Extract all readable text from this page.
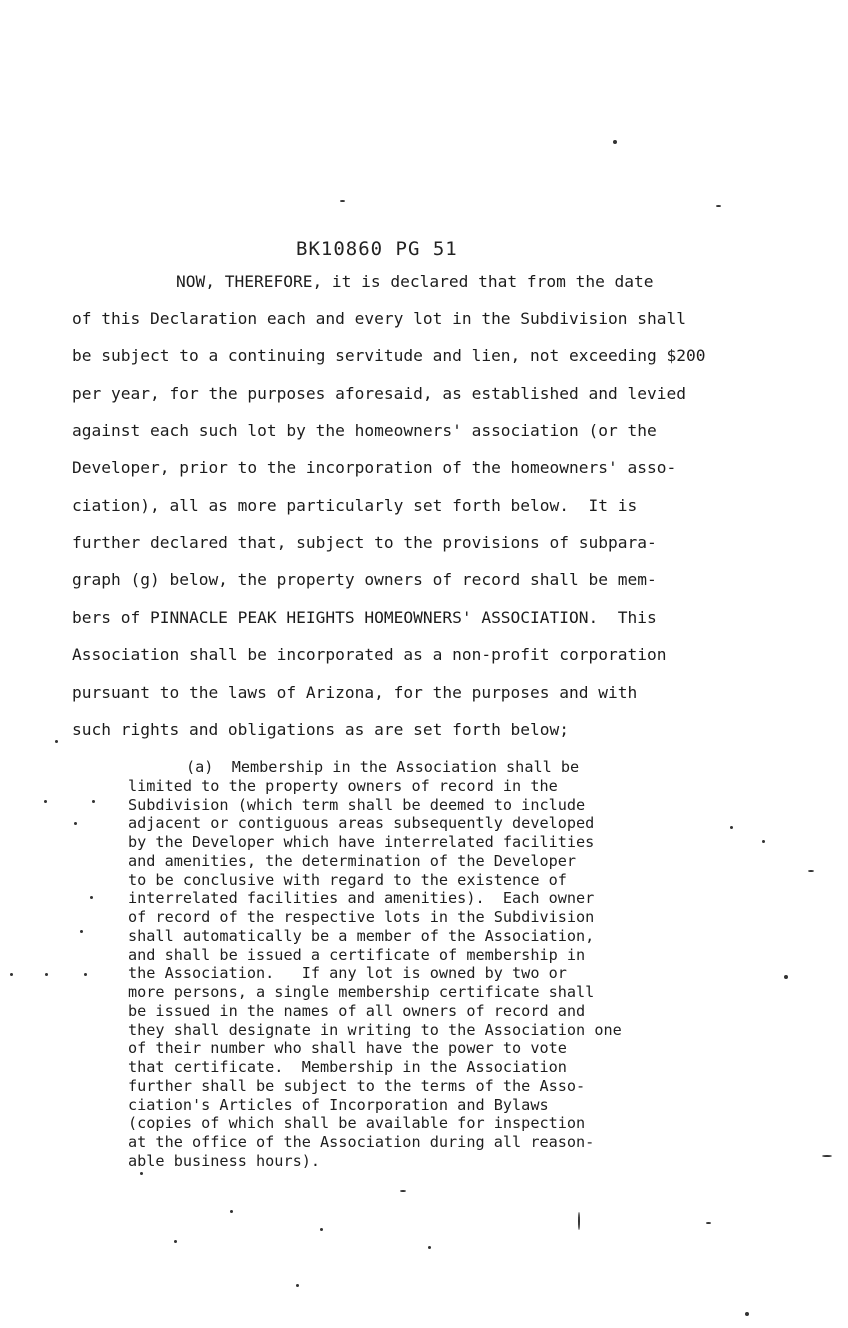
BK10860 PG 51
NOW, THEREFORE, it is declared that from the date
of this Declaration each and every lot in the Subdivision shall
be subject to a continuing servitude and lien, not exceeding $200
per year, for the purposes aforesaid, as established and levied
against each such lot by the homeowners' association (or the
Developer, prior to the incorporation of the homeowners' asso-
ciation), all as more particularly set forth below.  It is
further declared that, subject to the provisions of subpara-
graph (g) below, the property owners of record shall be mem-
bers of PINNACLE PEAK HEIGHTS HOMEOWNERS' ASSOCIATION.  This
Association shall be incorporated as a non-profit corporation
pursuant to the laws of Arizona, for the purposes and with
such rights and obligations as are set forth below;
(a)  Membership in the Association shall be
limited to the property owners of record in the
Subdivision (which term shall be deemed to include
adjacent or contiguous areas subsequently developed
by the Developer which have interrelated facilities
and amenities, the determination of the Developer
to be conclusive with regard to the existence of
interrelated facilities and amenities).  Each owner
of record of the respective lots in the Subdivision
shall automatically be a member of the Association,
and shall be issued a certificate of membership in
the Association.   If any lot is owned by two or
more persons, a single membership certificate shall
be issued in the names of all owners of record and
they shall designate in writing to the Association one
of their number who shall have the power to vote
that certificate.  Membership in the Association
further shall be subject to the terms of the Asso-
ciation's Articles of Incorporation and Bylaws
(copies of which shall be available for inspection
at the office of the Association during all reason-
able business hours).
